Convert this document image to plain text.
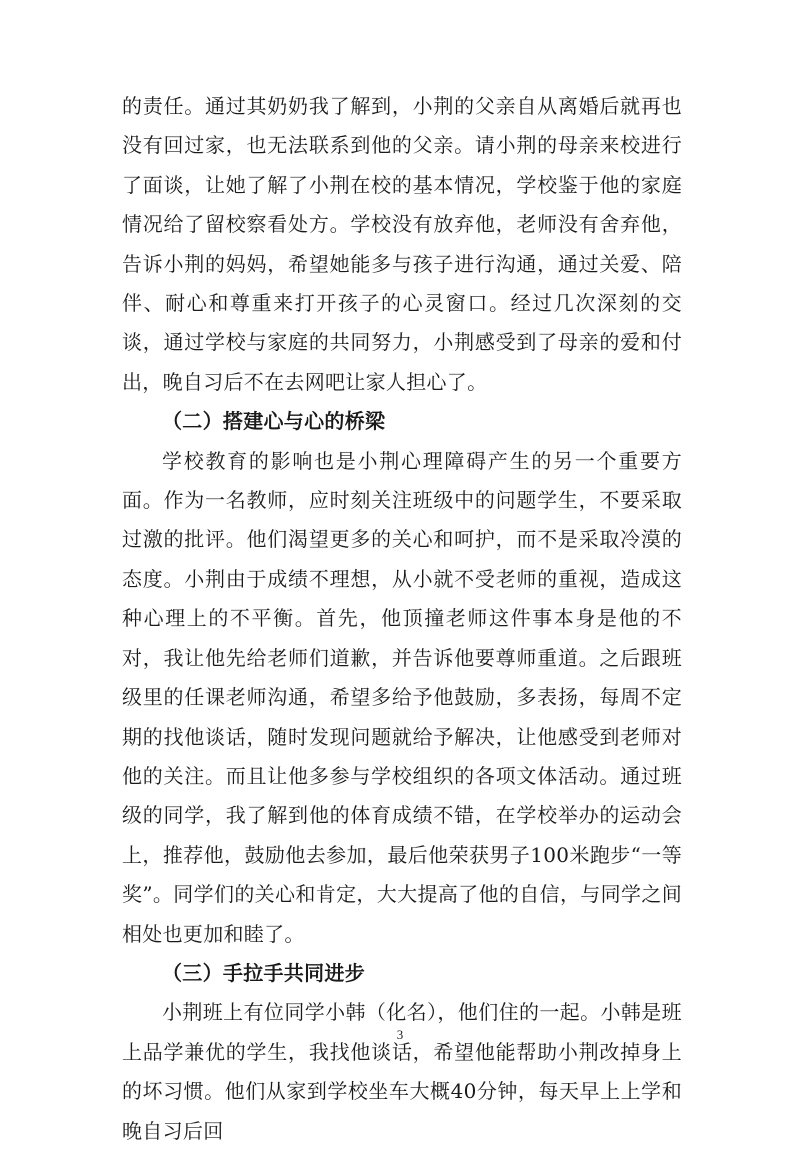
的责任。通过其奶奶我了解到，小荆的父亲自从离婚后就再也没有回过家，也无法联系到他的父亲。请小荆的母亲来校进行了面谈，让她了解了小荆在校的基本情况，学校鉴于他的家庭情况给了留校察看处方。学校没有放弃他，老师没有舍弃他，告诉小荆的妈妈，希望她能多与孩子进行沟通，通过关爱、陪伴、耐心和尊重来打开孩子的心灵窗口。经过几次深刻的交谈，通过学校与家庭的共同努力，小荆感受到了母亲的爱和付出，晚自习后不在去网吧让家人担心了。

（二）搭建心与心的桥梁

学校教育的影响也是小荆心理障碍产生的另一个重要方面。作为一名教师，应时刻关注班级中的问题学生，不要采取过激的批评。他们渴望更多的关心和呵护，而不是采取冷漠的态度。小荆由于成绩不理想，从小就不受老师的重视，造成这种心理上的不平衡。首先，他顶撞老师这件事本身是他的不对，我让他先给老师们道歉，并告诉他要尊师重道。之后跟班级里的任课老师沟通，希望多给予他鼓励，多表扬，每周不定期的找他谈话，随时发现问题就给予解决，让他感受到老师对他的关注。而且让他多参与学校组织的各项文体活动。通过班级的同学，我了解到他的体育成绩不错，在学校举办的运动会上，推荐他，鼓励他去参加，最后他荣获男子100米跑步“一等奖”。同学们的关心和肯定，大大提高了他的自信，与同学之间相处也更加和睦了。

（三）手拉手共同进步

小荆班上有位同学小韩（化名），他们住的一起。小韩是班上品学兼优的学生，我找他谈话，希望他能帮助小荆改掉身上的坏习惯。他们从家到学校坐车大概40分钟，每天早上上学和晚自习后回

3
